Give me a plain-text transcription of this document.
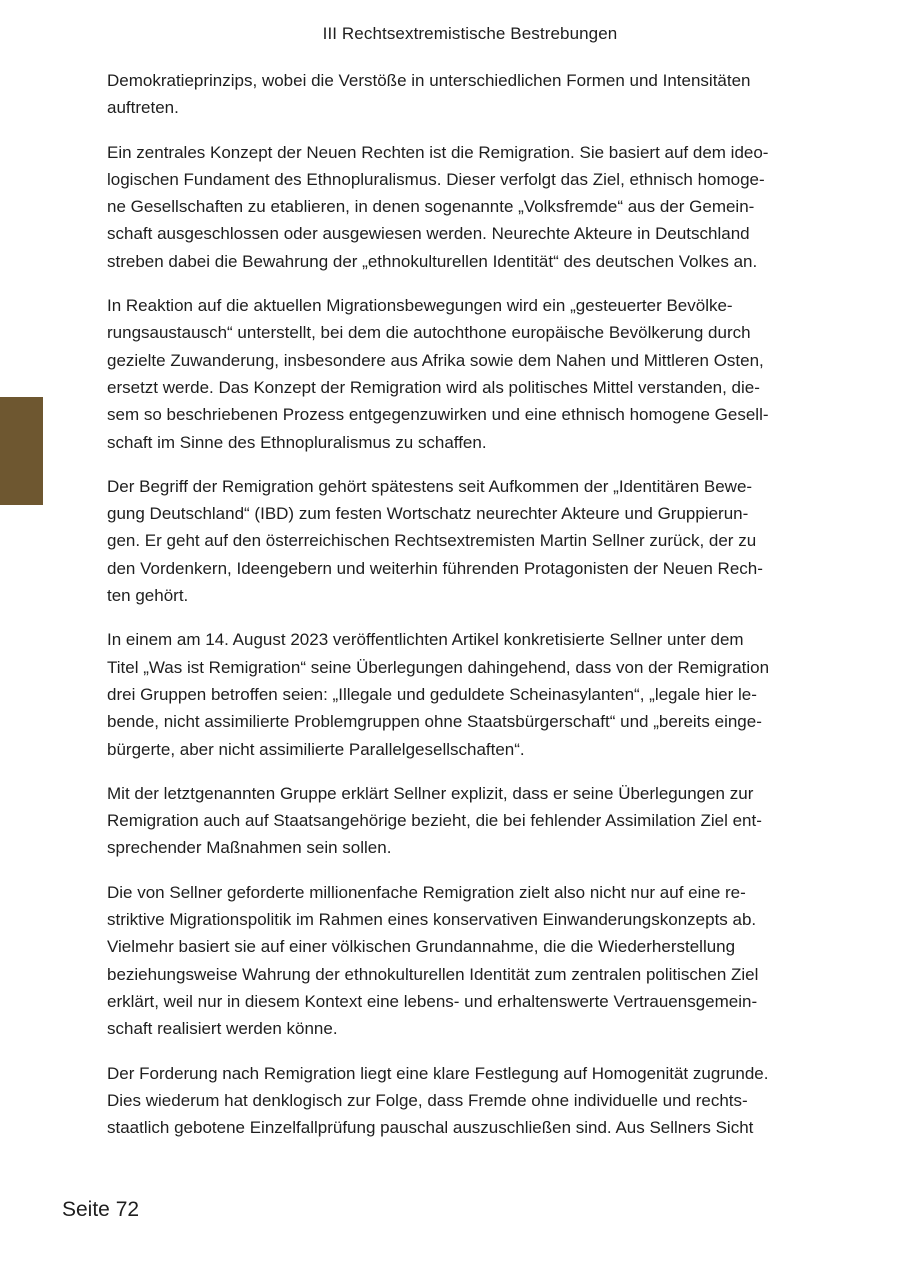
III Rechtsextremistische Bestrebungen

Demokratieprinzips, wobei die Verstöße in unterschiedlichen Formen und Intensitäten
auftreten.

Ein zentrales Konzept der Neuen Rechten ist die Remigration. Sie basiert auf dem ideo-
logischen Fundament des Ethnopluralismus. Dieser verfolgt das Ziel, ethnisch homoge-
ne Gesellschaften zu etablieren, in denen sogenannte „Volksfremde“ aus der Gemein-
schaft ausgeschlossen oder ausgewiesen werden. Neurechte Akteure in Deutschland
streben dabei die Bewahrung der „ethnokulturellen Identität“ des deutschen Volkes an.

In Reaktion auf die aktuellen Migrationsbewegungen wird ein „gesteuerter Bevölke-
rungsaustausch“ unterstellt, bei dem die autochthone europäische Bevölkerung durch
gezielte Zuwanderung, insbesondere aus Afrika sowie dem Nahen und Mittleren Osten,
ersetzt werde. Das Konzept der Remigration wird als politisches Mittel verstanden, die-
sem so beschriebenen Prozess entgegenzuwirken und eine ethnisch homogene Gesell-
schaft im Sinne des Ethnopluralismus zu schaffen.

Der Begriff der Remigration gehört spätestens seit Aufkommen der „Identitären Bewe-
gung Deutschland“ (IBD) zum festen Wortschatz neurechter Akteure und Gruppierun-
gen. Er geht auf den österreichischen Rechtsextremisten Martin Sellner zurück, der zu
den Vordenkern, Ideengebern und weiterhin führenden Protagonisten der Neuen Rech-
ten gehört.

In einem am 14. August 2023 veröffentlichten Artikel konkretisierte Sellner unter dem
Titel „Was ist Remigration“ seine Überlegungen dahingehend, dass von der Remigration
drei Gruppen betroffen seien: „Illegale und geduldete Scheinasylanten“, „legale hier le-
bende, nicht assimilierte Problemgruppen ohne Staatsbürgerschaft“ und „bereits einge-
bürgerte, aber nicht assimilierte Parallelgesellschaften“.

Mit der letztgenannten Gruppe erklärt Sellner explizit, dass er seine Überlegungen zur
Remigration auch auf Staatsangehörige bezieht, die bei fehlender Assimilation Ziel ent-
sprechender Maßnahmen sein sollen.

Die von Sellner geforderte millionenfache Remigration zielt also nicht nur auf eine re-
striktive Migrationspolitik im Rahmen eines konservativen Einwanderungskonzepts ab.
Vielmehr basiert sie auf einer völkischen Grundannahme, die die Wiederherstellung
beziehungsweise Wahrung der ethnokulturellen Identität zum zentralen politischen Ziel
erklärt, weil nur in diesem Kontext eine lebens- und erhaltenswerte Vertrauensgemein-
schaft realisiert werden könne.

Der Forderung nach Remigration liegt eine klare Festlegung auf Homogenität zugrunde.
Dies wiederum hat denklogisch zur Folge, dass Fremde ohne individuelle und rechts-
staatlich gebotene Einzelfallprüfung pauschal auszuschließen sind. Aus Sellners Sicht

Seite 72
